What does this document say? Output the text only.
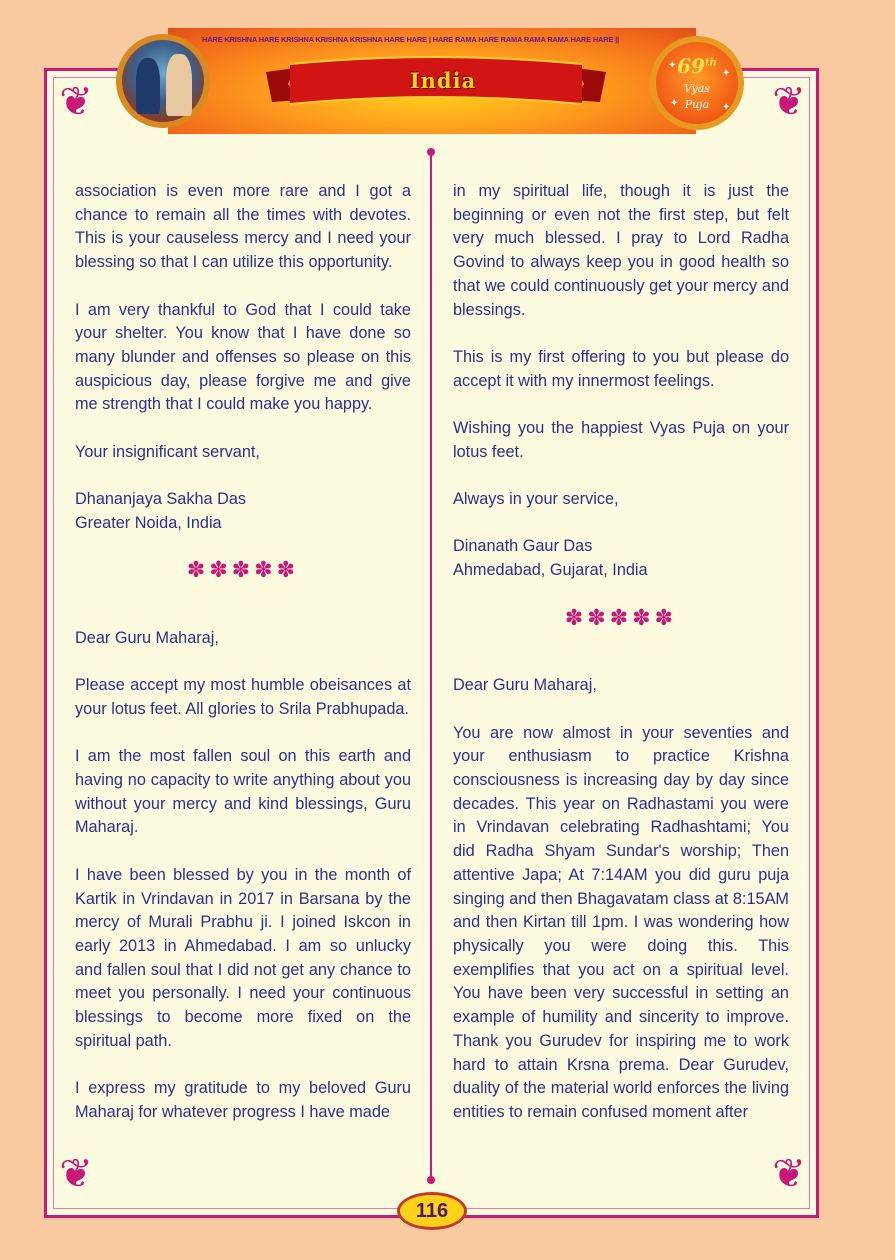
❦	❦
❦	❦
HARE KRISHNA HARE KRISHNA KRISHNA KRISHNA HARE HARE | HARE RAMA HARE RAMA RAMA RAMA HARE HARE ||
India
✦
✦
✦	✦
69th
Vyas
Puja

association is even more rare and I got a chance to remain all the times with devotes. This is your causeless mercy and I need your blessing so that I can utilize this opportunity.

I am very thankful to God that I could take your shelter. You know that I have done so many blunder and offenses so please on this auspicious day, please forgive me and give me strength that I could make you happy.

Your insignificant servant,

Dhananjaya Sakha Das
Greater Noida, India

✽✽✽✽✽

Dear Guru Maharaj,

Please accept my most humble obeisances at your lotus feet. All glories to Srila Prabhupada.

I am the most fallen soul on this earth and having no capacity to write anything about you without your mercy and kind blessings, Guru Maharaj.

I have been blessed by you in the month of Kartik in Vrindavan in 2017 in Barsana by the mercy of Murali Prabhu ji. I joined Iskcon in early 2013 in Ahmedabad. I am so unlucky and fallen soul that I did not get any chance to meet you personally. I need your continuous blessings to become more fixed on the spiritual path.

I express my gratitude to my beloved Guru Maharaj for whatever progress I have made

in my spiritual life, though it is just the beginning or even not the first step, but felt very much blessed. I pray to Lord Radha Govind to always keep you in good health so that we could continuously get your mercy and blessings.

This is my first offering to you but please do accept it with my innermost feelings.

Wishing you the happiest Vyas Puja on your lotus feet.

Always in your service,

Dinanath Gaur Das
Ahmedabad, Gujarat, India

✽✽✽✽✽

Dear Guru Maharaj,

You are now almost in your seventies and your enthusiasm to practice Krishna consciousness is increasing day by day since decades. This year on Radhastami you were in Vrindavan celebrating Radhashtami; You did Radha Shyam Sundar's worship; Then attentive Japa; At 7:14AM you did guru puja singing and then Bhagavatam class at 8:15AM and then Kirtan till 1pm. I was wondering how physically you were doing this. This exemplifies that you act on a spiritual level. You have been very successful in setting an example of humility and sincerity to improve. Thank you Gurudev for inspiring me to work hard to attain Krsna prema. Dear Gurudev, duality of the material world enforces the living entities to remain confused moment after

116
